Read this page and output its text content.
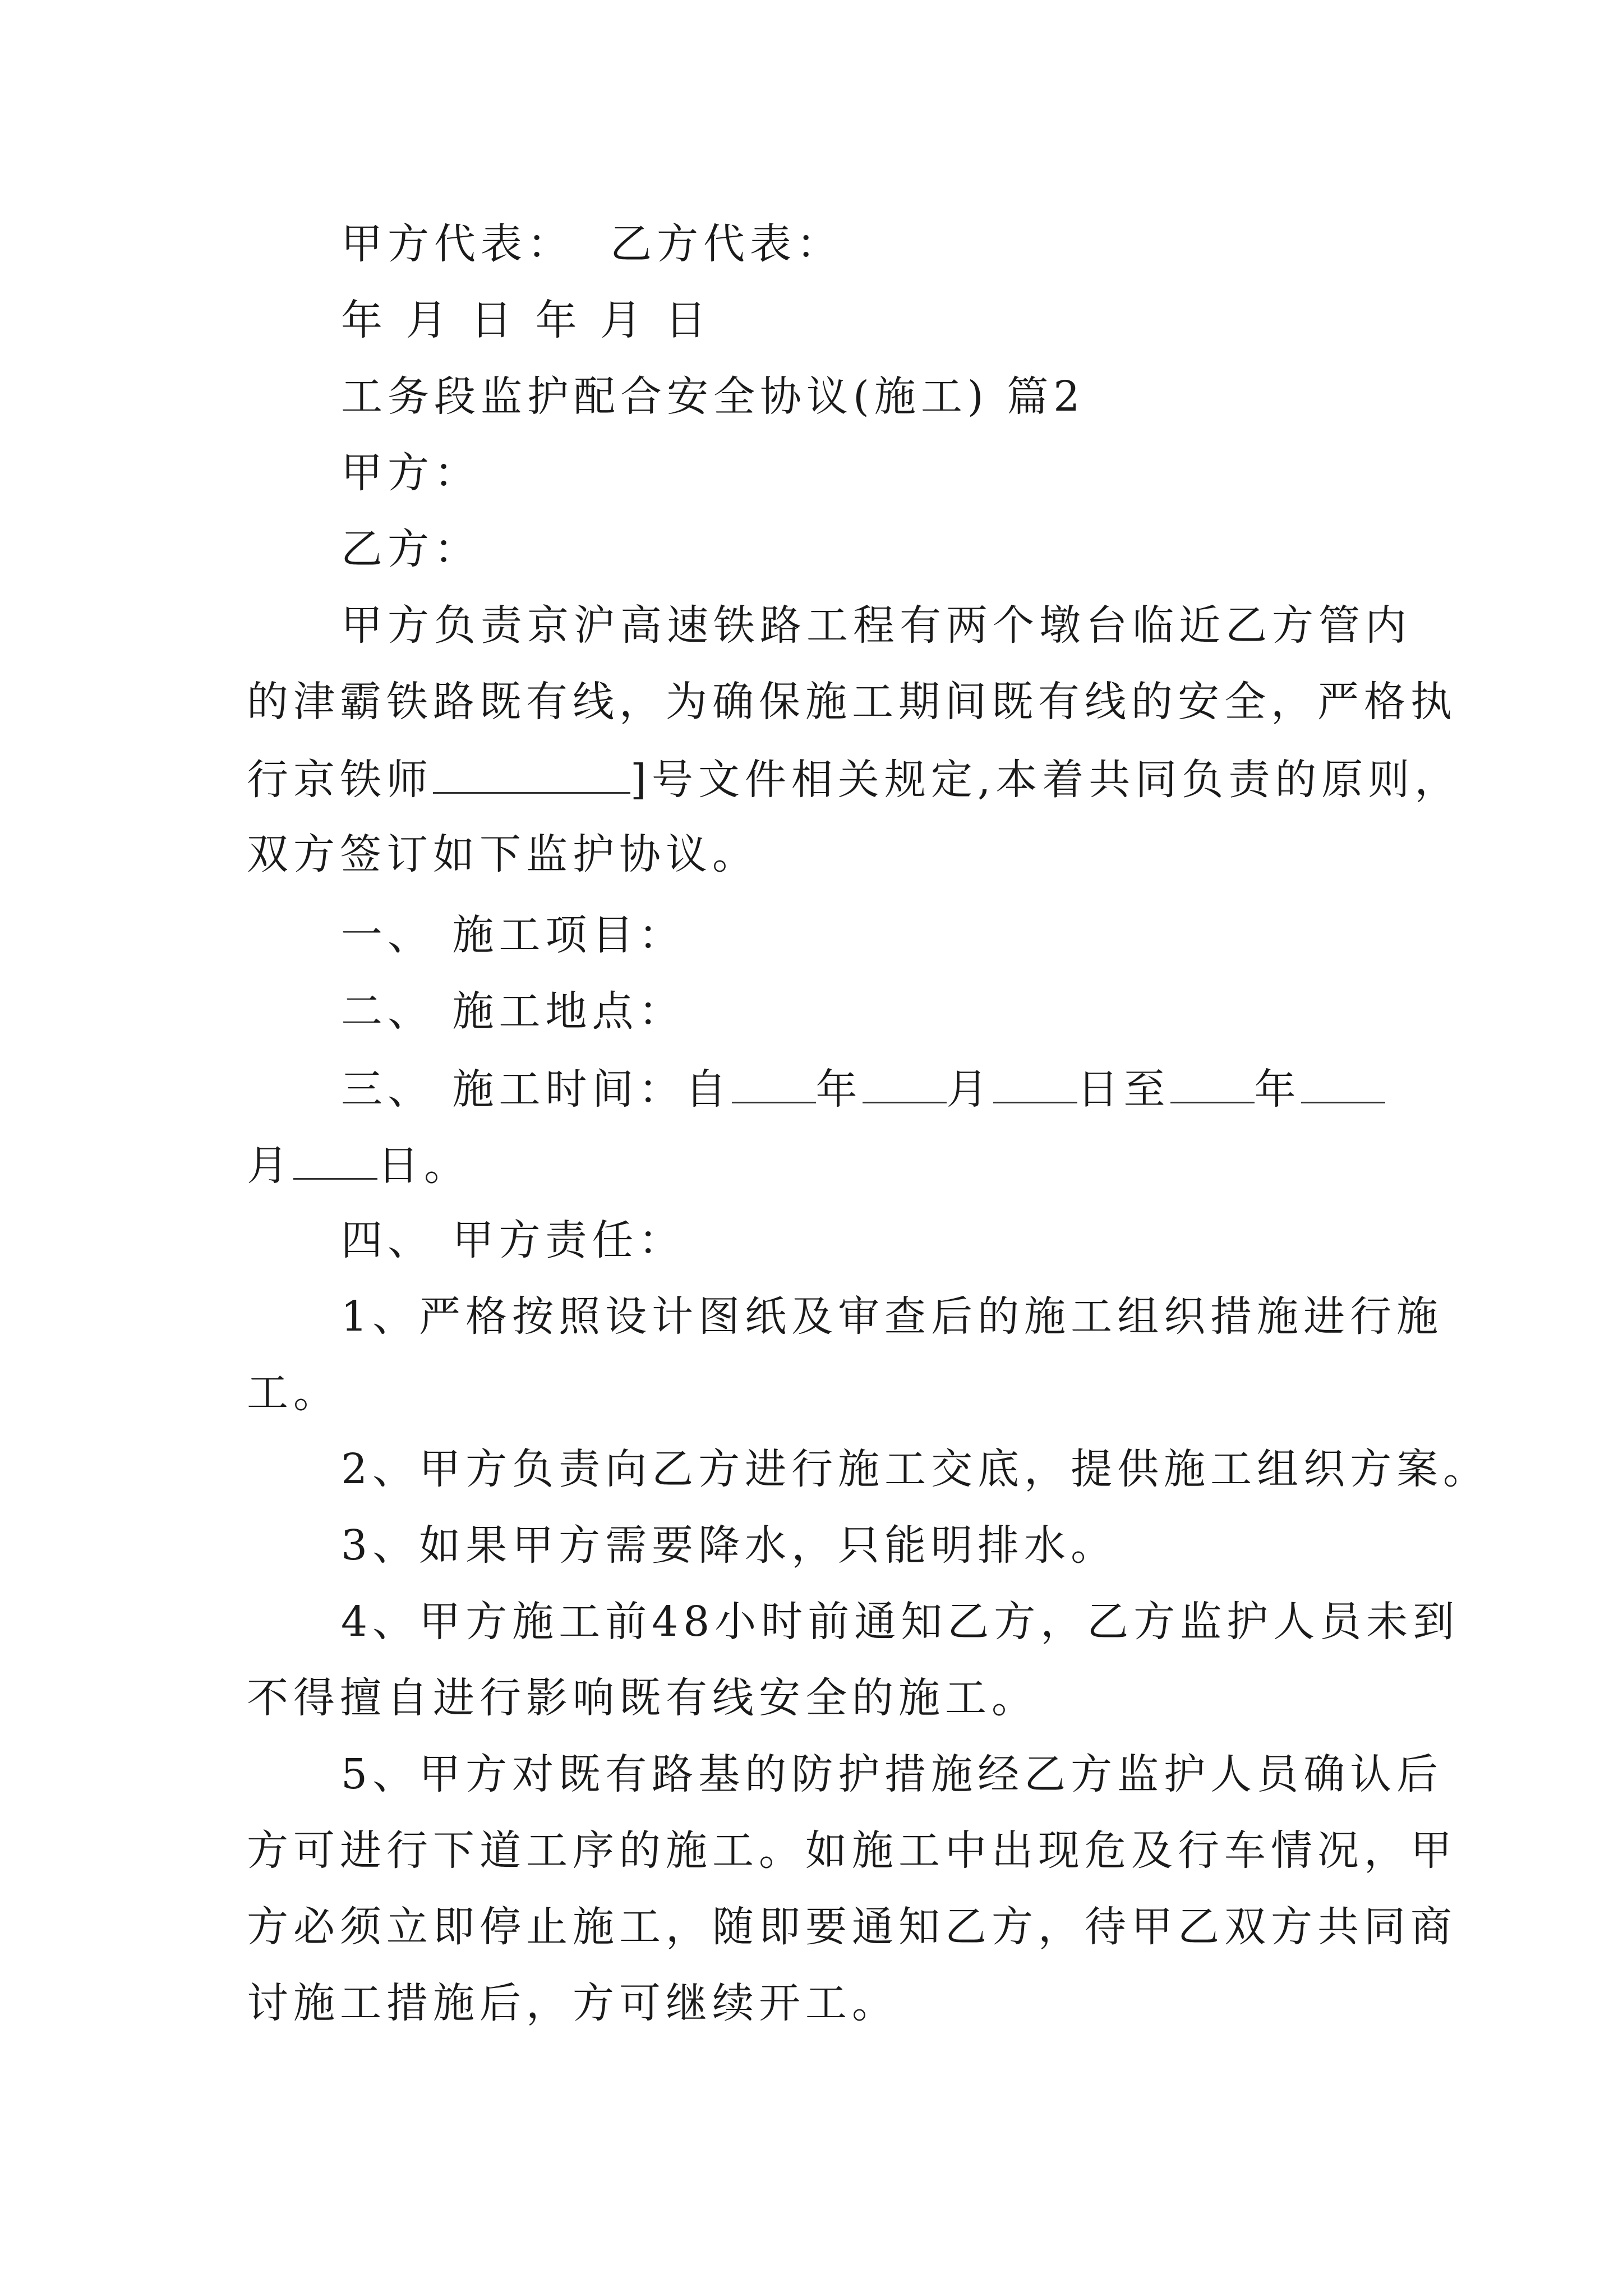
甲方代表：  乙方代表：
年 月 日 年 月 日
工务段监护配合安全协议(施工) 篇2
甲方：
乙方：
甲方负责京沪高速铁路工程有两个墩台临近乙方管内
的津霸铁路既有线，为确保施工期间既有线的安全，严格执
行京铁师	]号文件相关规定,本着共同负责的原则，
双方签订如下监护协议。
一、 施工项目：
二、 施工地点：
三、 施工时间：自 年 月 日至 年
月 日。
四、 甲方责任：
1、严格按照设计图纸及审查后的施工组织措施进行施
工。
2、甲方负责向乙方进行施工交底，提供施工组织方案。
3、如果甲方需要降水，只能明排水。
4、甲方施工前48小时前通知乙方，乙方监护人员未到
不得擅自进行影响既有线安全的施工。
5、甲方对既有路基的防护措施经乙方监护人员确认后
方可进行下道工序的施工。如施工中出现危及行车情况，甲
方必须立即停止施工，随即要通知乙方，待甲乙双方共同商
讨施工措施后，方可继续开工。
